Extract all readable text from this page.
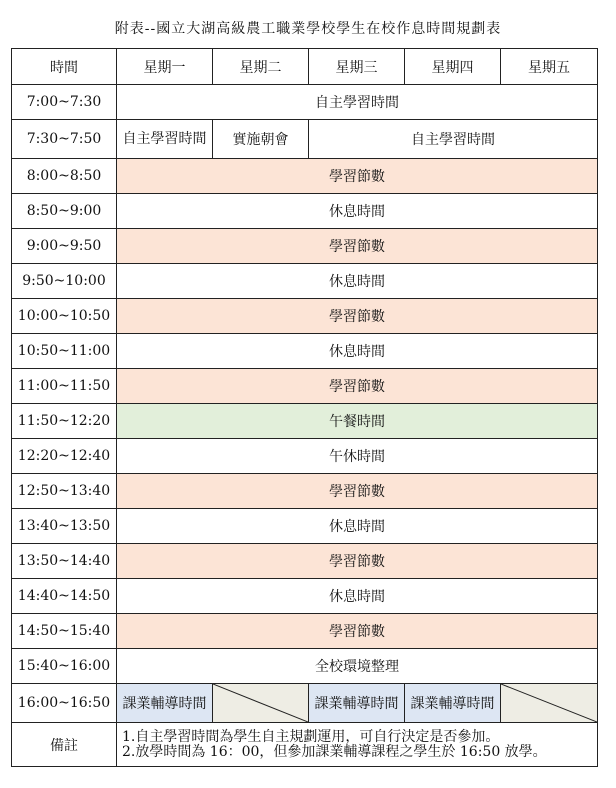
附表--國立大湖高級農工職業學校學生在校作息時間規劃表
時間	星期一	星期二	星期三	星期四	星期五
7:00~7:30	自主學習時間				
7:30~7:50	自主學習時間	實施朝會	自主學習時間		
8:00~8:50	學習節數				
8:50~9:00	休息時間				
9:00~9:50	學習節數				
9:50~10:00	休息時間				
10:00~10:50	學習節數				
10:50~11:00	休息時間				
11:00~11:50	學習節數				
11:50~12:20	午餐時間				
12:20~12:40	午休時間				
12:50~13:40	學習節數				
13:40~13:50	休息時間				
13:50~14:40	學習節數				
14:40~14:50	休息時間				
14:50~15:40	學習節數				
15:40~16:00	全校環境整理				
16:00~16:50	課業輔導時間		課業輔導時間	課業輔導時間	

備註	1.自主學習時間為學生自主規劃運用，可自行決定是否參加。
2.放學時間為 16：00，但參加課業輔導課程之學生於 16:50 放學。				
